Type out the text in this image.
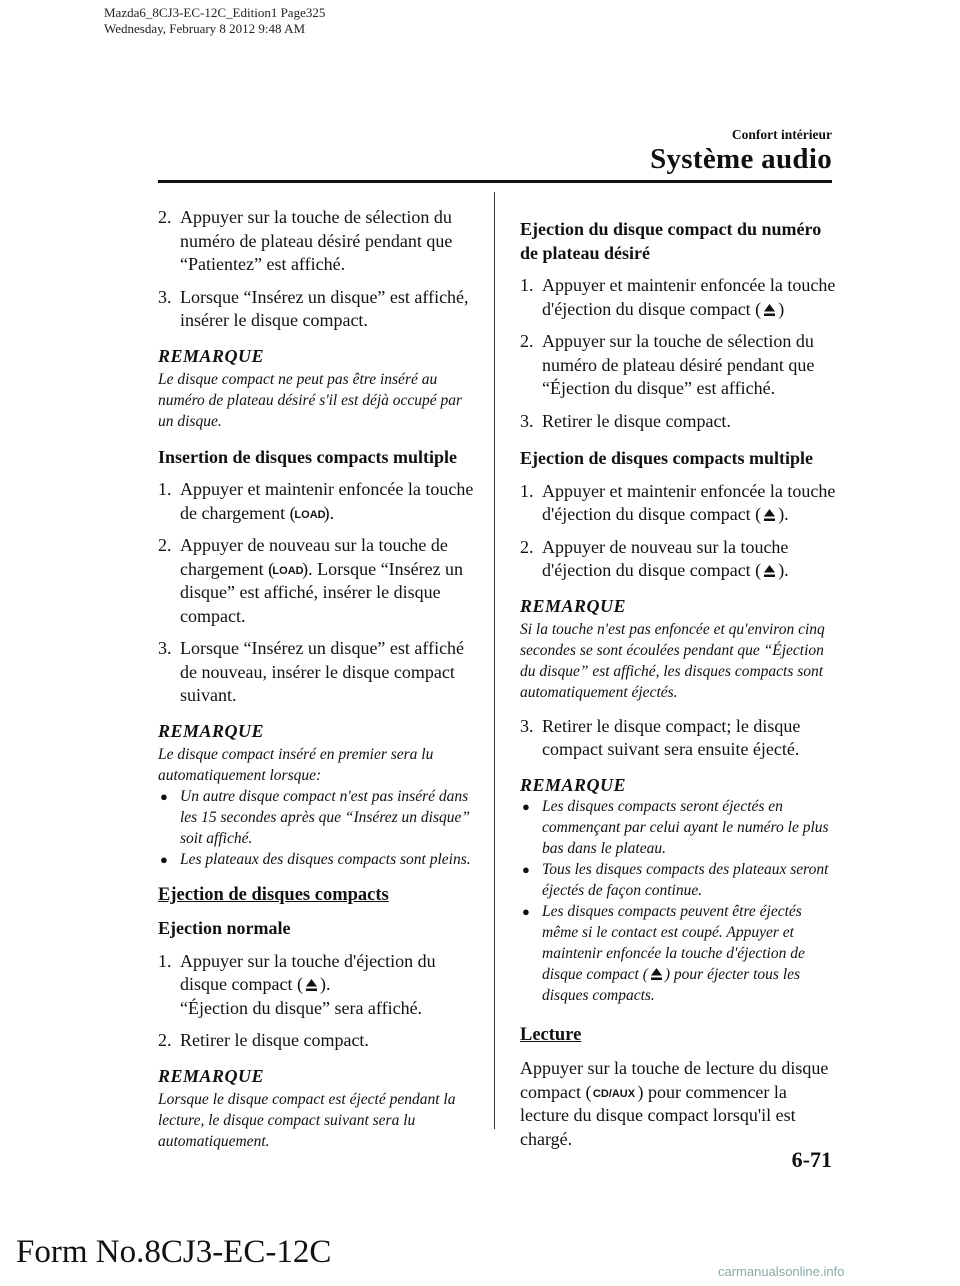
Mazda6_8CJ3-EC-12C_Edition1 Page325
Wednesday, February 8 2012 9:48 AM
Confort intérieur
Système audio
2. Appuyer sur la touche de sélection du numéro de plateau désiré pendant que “Patientez” est affiché.
3. Lorsque “Insérez un disque” est affiché, insérer le disque compact.
REMARQUE
Le disque compact ne peut pas être inséré au numéro de plateau désiré s'il est déjà occupé par un disque.
Insertion de disques compacts multiple
1. Appuyer et maintenir enfoncée la touche de chargement (
LOAD
).
2. Appuyer de nouveau sur la touche de chargement (
LOAD
). Lorsque “Insérez un disque” est affiché, insérer le disque compact.
3. Lorsque “Insérez un disque” est affiché de nouveau, insérer le disque compact suivant.
REMARQUE
Le disque compact inséré en premier sera lu automatiquement lorsque:
● Un autre disque compact n'est pas inséré dans les 15 secondes après que “Insérez un disque” soit affiché.
● Les plateaux des disques compacts sont pleins.
Ejection de disques compacts
Ejection normale
1. Appuyer sur la touche d'éjection du disque compact ( ).
“Éjection du disque” sera affiché.
2. Retirer le disque compact.
REMARQUE
Lorsque le disque compact est éjecté pendant la lecture, le disque compact suivant sera lu automatiquement.
Ejection du disque compact du numéro de plateau désiré
1. Appuyer et maintenir enfoncée la touche d'éjection du disque compact ( )
2. Appuyer sur la touche de sélection du numéro de plateau désiré pendant que “Éjection du disque” est affiché.
3. Retirer le disque compact.
Ejection de disques compacts multiple
1. Appuyer et maintenir enfoncée la touche d'éjection du disque compact ( ).
2. Appuyer de nouveau sur la touche d'éjection du disque compact ( ).
REMARQUE
Si la touche n'est pas enfoncée et qu'environ cinq secondes se sont écoulées pendant que “Éjection du disque” est affiché, les disques compacts sont automatiquement éjectés.
3. Retirer le disque compact; le disque compact suivant sera ensuite éjecté.
REMARQUE
● Les disques compacts seront éjectés en commençant par celui ayant le numéro le plus bas dans le plateau.
● Tous les disques compacts des plateaux seront éjectés de façon continue.
● Les disques compacts peuvent être éjectés même si le contact est coupé. Appuyer et maintenir enfoncée la touche d'éjection de disque compact ( ) pour éjecter tous les disques compacts.
Lecture
Appuyer sur la touche de lecture du disque compact ( CD/AUX ) pour commencer la lecture du disque compact lorsqu'il est chargé.
6-71
Form No.8CJ3-EC-12C
carmanualsonline.info
